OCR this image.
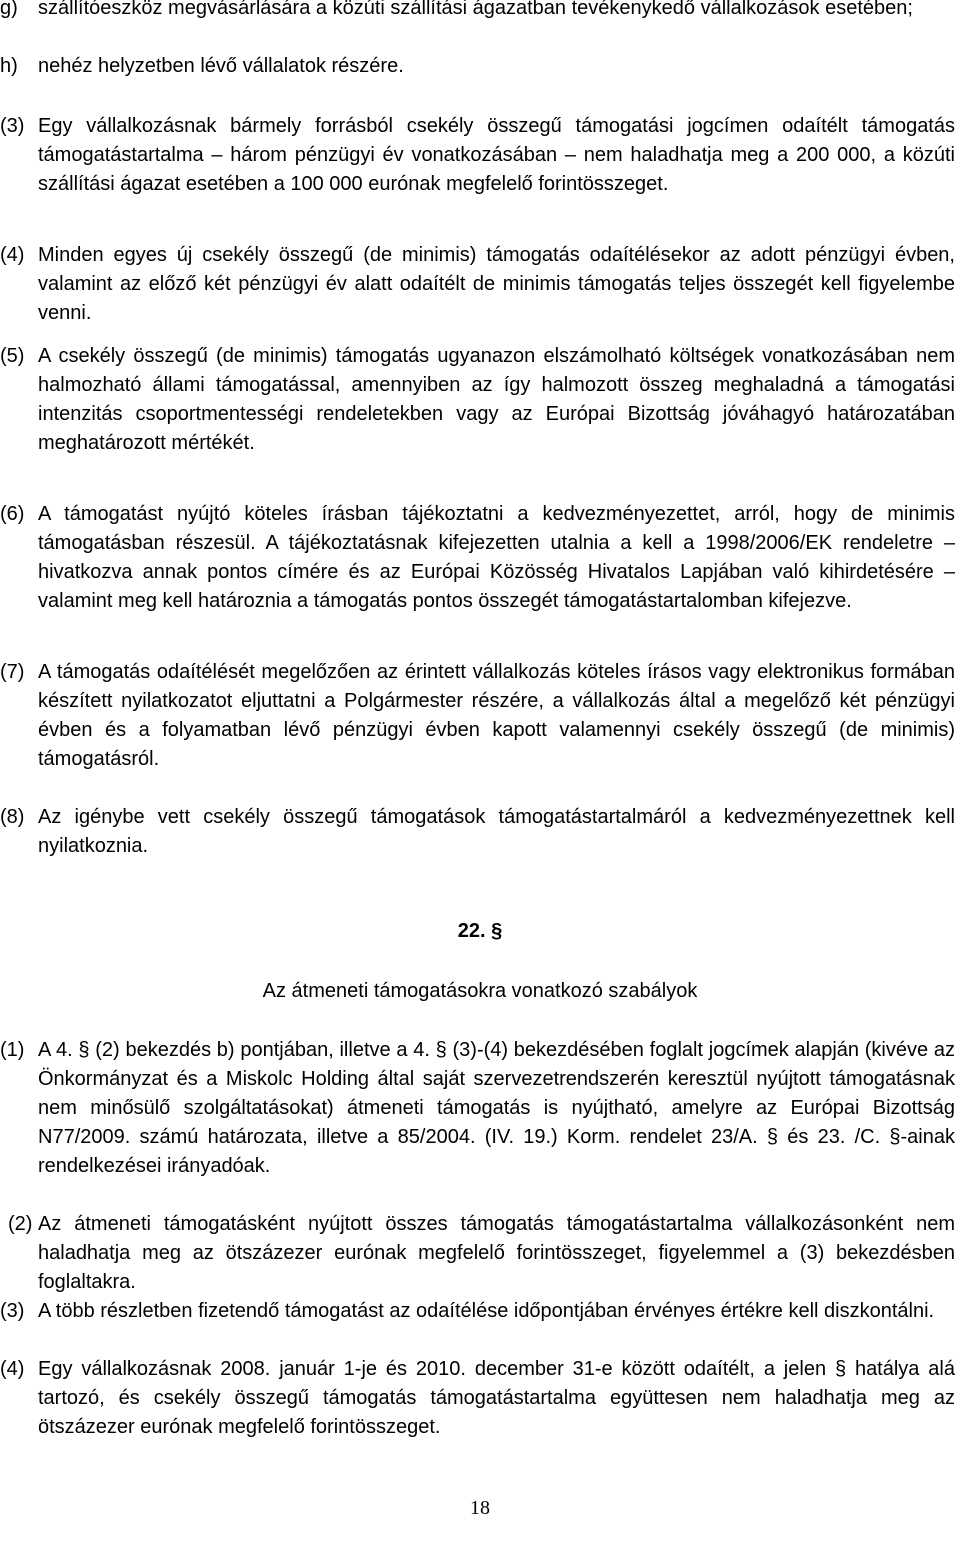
g) szállítóeszköz megvásárlására a közúti szállítási ágazatban tevékenykedő vállalkozások esetében;
h) nehéz helyzetben lévő vállalatok részére.
(3) Egy vállalkozásnak bármely forrásból csekély összegű támogatási jogcímen odaítélt támogatás támogatástartalma – három pénzügyi év vonatkozásában – nem haladhatja meg a 200 000, a közúti szállítási ágazat esetében a 100 000 eurónak megfelelő forintösszeget.
(4) Minden egyes új csekély összegű (de minimis) támogatás odaítélésekor az adott pénzügyi évben, valamint az előző két pénzügyi év alatt odaítélt de minimis támogatás teljes összegét kell figyelembe venni.
(5) A csekély összegű (de minimis) támogatás ugyanazon elszámolható költségek vonatkozásában nem halmozható állami támogatással, amennyiben az így halmozott összeg meghaladná a támogatási intenzitás csoportmentességi rendeletekben vagy az Európai Bizottság jóváhagyó határozatában meghatározott mértékét.
(6) A támogatást nyújtó köteles írásban tájékoztatni a kedvezményezettet, arról, hogy de minimis támogatásban részesül. A tájékoztatásnak kifejezetten utalnia a kell a 1998/2006/EK rendeletre – hivatkozva annak pontos címére és az Európai Közösség Hivatalos Lapjában való kihirdetésére – valamint meg kell határoznia a támogatás pontos összegét támogatástartalomban kifejezve.
(7) A támogatás odaítélését megelőzően az érintett vállalkozás köteles írásos vagy elektronikus formában készített nyilatkozatot eljuttatni a Polgármester részére, a vállalkozás által a megelőző két pénzügyi évben és a folyamatban lévő pénzügyi évben kapott valamennyi csekély összegű (de minimis) támogatásról.
(8) Az igénybe vett csekély összegű támogatások támogatástartalmáról a kedvezményezettnek kell nyilatkoznia.
22. §
Az átmeneti támogatásokra vonatkozó szabályok
(1) A 4. § (2) bekezdés b) pontjában, illetve a 4. § (3)-(4) bekezdésében foglalt jogcímek alapján (kivéve az Önkormányzat és a Miskolc Holding által saját szervezetrendszerén keresztül nyújtott támogatásnak nem minősülő szolgáltatásokat) átmeneti támogatás is nyújtható, amelyre az Európai Bizottság N77/2009. számú határozata, illetve a 85/2004. (IV. 19.) Korm. rendelet 23/A. § és 23. /C. §-ainak rendelkezései irányadóak.
(2) Az átmeneti támogatásként nyújtott összes támogatás támogatástartalma vállalkozásonként nem haladhatja meg az ötszázezer eurónak megfelelő forintösszeget, figyelemmel a (3) bekezdésben foglaltakra.
(3) A több részletben fizetendő támogatást az odaítélése időpontjában érvényes értékre kell diszkontálni.
(4) Egy vállalkozásnak 2008. január 1-je és 2010. december 31-e között odaítélt, a jelen § hatálya alá tartozó, és csekély összegű támogatás támogatástartalma együttesen nem haladhatja meg az ötszázezer eurónak megfelelő forintösszeget.
18
